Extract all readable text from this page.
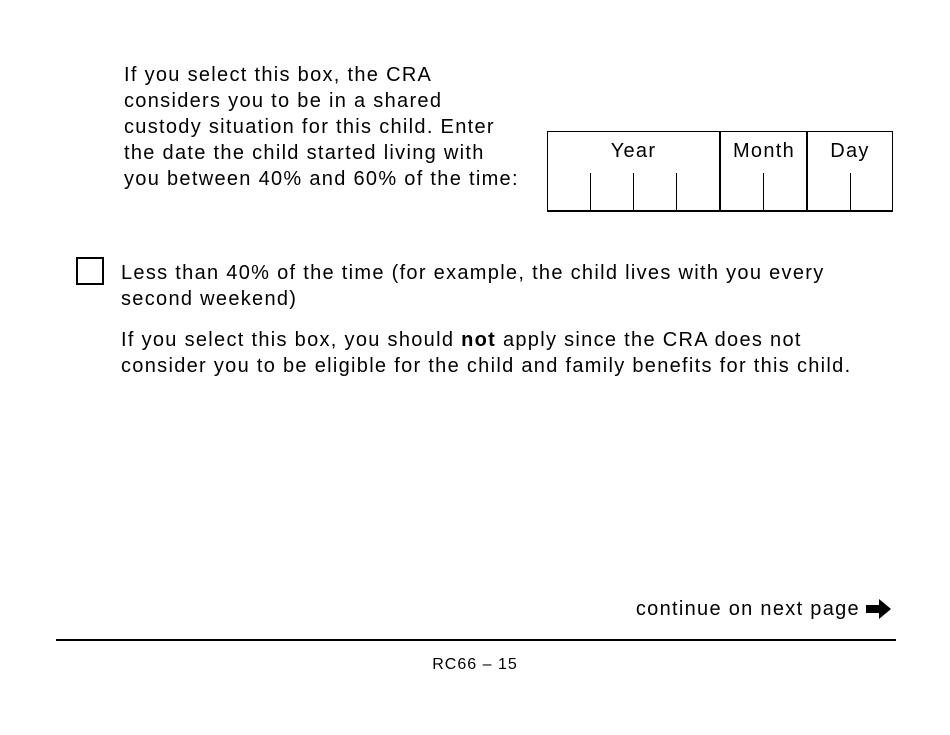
If you select this box, the CRA considers you to be in a shared custody situation for this child. Enter the date the child started living with you between 40% and 60% of the time:
Year	Month	Day
Less than 40% of the time (for example, the child lives with you every second weekend)
If you select this box, you should not apply since the CRA does not consider you to be eligible for the child and family benefits for this child.
continue on next page
RC66 – 15
